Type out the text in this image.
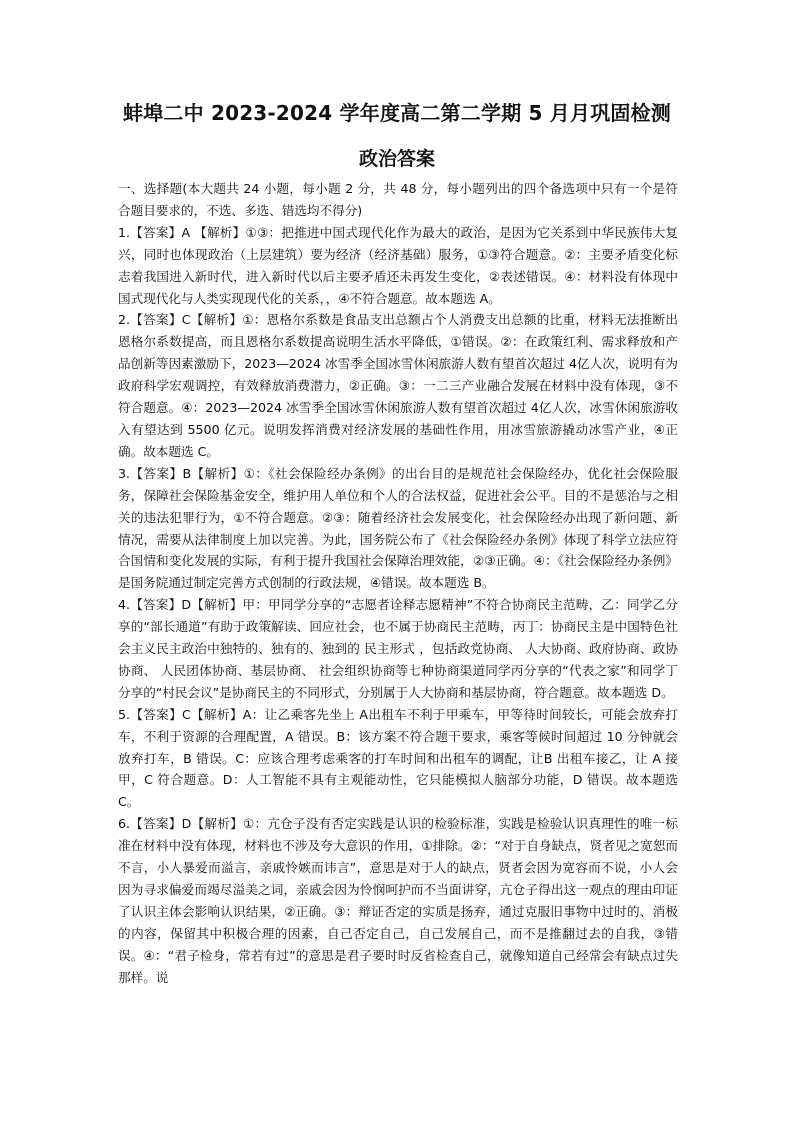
蚌埠二中 2023-2024 学年度高二第二学期 5 月月巩固检测
政治答案

一、选择题(本大题共 24 小题，每小题 2 分，共 48 分，每小题列出的四个备选项中只有一个是符合题目要求的，不选、多选、错选均不得分)

1.【答案】A 【解析】①③：把推进中国式现代化作为最大的政治，是因为它关系到中华民族伟大复兴，同时也体现政治（上层建筑）要为经济（经济基础）服务，①③符合题意。②：主要矛盾变化标志着我国进入新时代，进入新时代以后主要矛盾还未再发生变化，②表述错误。④：材料没有体现中国式现代化与人类实现现代化的关系，，④不符合题意。故本题选 A。

2.【答案】C【解析】①：恩格尔系数是食品支出总额占个人消费支出总额的比重，材料无法推断出恩格尔系数提高，而且恩格尔系数提高说明生活水平降低，①错误。②：在政策红利、需求释放和产品创新等因素激励下，2023—2024 冰雪季全国冰雪休闲旅游人数有望首次超过 4亿人次，说明有为政府科学宏观调控，有效释放消费潜力，②正确。③：一二三产业融合发展在材料中没有体现，③不符合题意。④：2023—2024 冰雪季全国冰雪休闲旅游人数有望首次超过 4亿人次，冰雪休闲旅游收入有望达到 5500 亿元。说明发挥消费对经济发展的基础性作用，用冰雪旅游撬动冰雪产业，④正确。故本题选 C。

3.【答案】B【解析】①：《社会保险经办条例》的出台目的是规范社会保险经办，优化社会保险服务，保障社会保险基金安全，维护用人单位和个人的合法权益，促进社会公平。目的不是惩治与之相关的违法犯罪行为，①不符合题意。②③：随着经济社会发展变化，社会保险经办出现了新问题、新情况，需要从法律制度上加以完善。为此，国务院公布了《社会保险经办条例》体现了科学立法应符合国情和变化发展的实际，有利于提升我国社会保障治理效能，②③正确。④：《社会保险经办条例》是国务院通过制定完善方式创制的行政法规，④错误。故本题选 B。

4.【答案】D【解析】甲：甲同学分享的“志愿者诠释志愿精神”不符合协商民主范畴，乙：同学乙分享的“部长通道”有助于政策解读、回应社会，也不属于协商民主范畴，丙丁：协商民主是中国特色社会主义民主政治中独特的、独有的、独到的 民主形式 ，包括政党协商、 人大协商、政府协商、政协协商、 人民团体协商、基层协商、 社会组织协商等七种协商渠道同学丙分享的“代表之家”和同学丁分享的“村民会议”是协商民主的不同形式，分别属于人大协商和基层协商，符合题意。故本题选 D。

5.【答案】C【解析】A：让乙乘客先坐上 A出租车不利于甲乘车，甲等待时间较长，可能会放弃打车，不利于资源的合理配置，A 错误。B：该方案不符合题干要求，乘客等候时间超过 10 分钟就会放弃打车，B 错误。C：应该合理考虑乘客的打车时间和出租车的调配，让B 出租车接乙，让 A 接甲，C 符合题意。D：人工智能不具有主观能动性，它只能模拟人脑部分功能，D 错误。故本题选 C。

6.【答案】D【解析】①：亢仓子没有否定实践是认识的检验标准，实践是检验认识真理性的唯一标准在材料中没有体现，材料也不涉及夸大意识的作用，①排除。②：“对于自身缺点，贤者见之宽恕而不言，小人暴爱而溢言，亲戚怜嫉而讳言”，意思是对于人的缺点，贤者会因为宽容而不说，小人会因为寻求偏爱而竭尽溢美之词，亲戚会因为怜悯呵护而不当面讲穿，亢仓子得出这一观点的理由印证了认识主体会影响认识结果，②正确。③：辩证否定的实质是扬弃，通过克服旧事物中过时的、消极的内容，保留其中积极合理的因素，自己否定自己，自己发展自己，而不是推翻过去的自我，③错误。④：“君子检身，常若有过”的意思是君子要时时反省检查自己，就像知道自己经常会有缺点过失那样。说
